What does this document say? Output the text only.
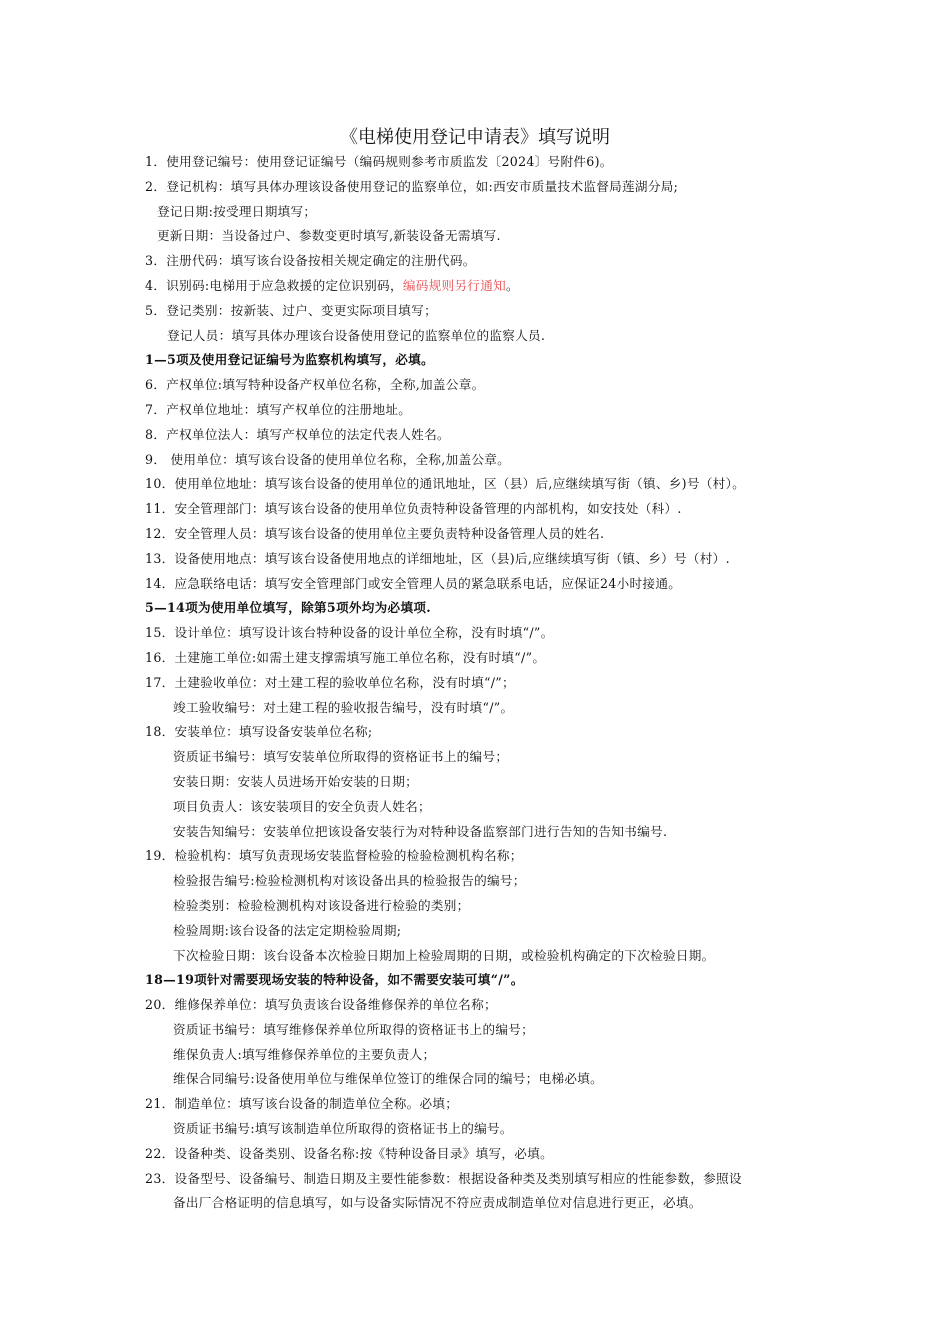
《电梯使用登记申请表》填写说明
1．使用登记编号：使用登记证编号（编码规则参考市质监发〔2024〕号附件6)。
2．登记机构：填写具体办理该设备使用登记的监察单位，如:西安市质量技术监督局莲湖分局;
登记日期:按受理日期填写；
更新日期：当设备过户、参数变更时填写,新装设备无需填写.
3．注册代码：填写该台设备按相关规定确定的注册代码。
4．识别码:电梯用于应急救援的定位识别码，编码规则另行通知。
5．登记类别：按新装、过户、变更实际项目填写；
登记人员：填写具体办理该台设备使用登记的监察单位的监察人员.
1—5项及使用登记证编号为监察机构填写，必填。
6．产权单位:填写特种设备产权单位名称，全称,加盖公章。
7．产权单位地址：填写产权单位的注册地址。
8．产权单位法人：填写产权单位的法定代表人姓名。
9． 使用单位：填写该台设备的使用单位名称，全称,加盖公章。
10．使用单位地址：填写该台设备的使用单位的通讯地址，区（县）后,应继续填写街（镇、乡)号（村）。
11．安全管理部门：填写该台设备的使用单位负责特种设备管理的内部机构，如安技处（科）.
12．安全管理人员：填写该台设备的使用单位主要负责特种设备管理人员的姓名.
13．设备使用地点：填写该台设备使用地点的详细地址，区（县)后,应继续填写街（镇、乡）号（村）.
14．应急联络电话：填写安全管理部门或安全管理人员的紧急联系电话，应保证24小时接通。
5—14项为使用单位填写，除第5项外均为必填项.
15．设计单位：填写设计该台特种设备的设计单位全称，没有时填“/”。
16．土建施工单位:如需土建支撑需填写施工单位名称，没有时填“/”。
17．土建验收单位：对土建工程的验收单位名称，没有时填“/”；
竣工验收编号：对土建工程的验收报告编号，没有时填“/”。
18．安装单位：填写设备安装单位名称;
资质证书编号：填写安装单位所取得的资格证书上的编号；
安装日期：安装人员进场开始安装的日期；
项目负责人：该安装项目的安全负责人姓名；
安装告知编号：安装单位把该设备安装行为对特种设备监察部门进行告知的告知书编号.
19．检验机构：填写负责现场安装监督检验的检验检测机构名称；
检验报告编号:检验检测机构对该设备出具的检验报告的编号；
检验类别：检验检测机构对该设备进行检验的类别；
检验周期:该台设备的法定定期检验周期;
下次检验日期：该台设备本次检验日期加上检验周期的日期，或检验机构确定的下次检验日期。
18—19项针对需要现场安装的特种设备，如不需要安装可填“/”。
20．维修保养单位：填写负责该台设备维修保养的单位名称；
资质证书编号：填写维修保养单位所取得的资格证书上的编号；
维保负责人:填写维修保养单位的主要负责人；
维保合同编号:设备使用单位与维保单位签订的维保合同的编号；电梯必填。
21．制造单位：填写该台设备的制造单位全称。必填；
资质证书编号:填写该制造单位所取得的资格证书上的编号。
22．设备种类、设备类别、设备名称:按《特种设备目录》填写，必填。
23．设备型号、设备编号、制造日期及主要性能参数：根据设备种类及类别填写相应的性能参数，参照设
备出厂合格证明的信息填写，如与设备实际情况不符应责成制造单位对信息进行更正，必填。
